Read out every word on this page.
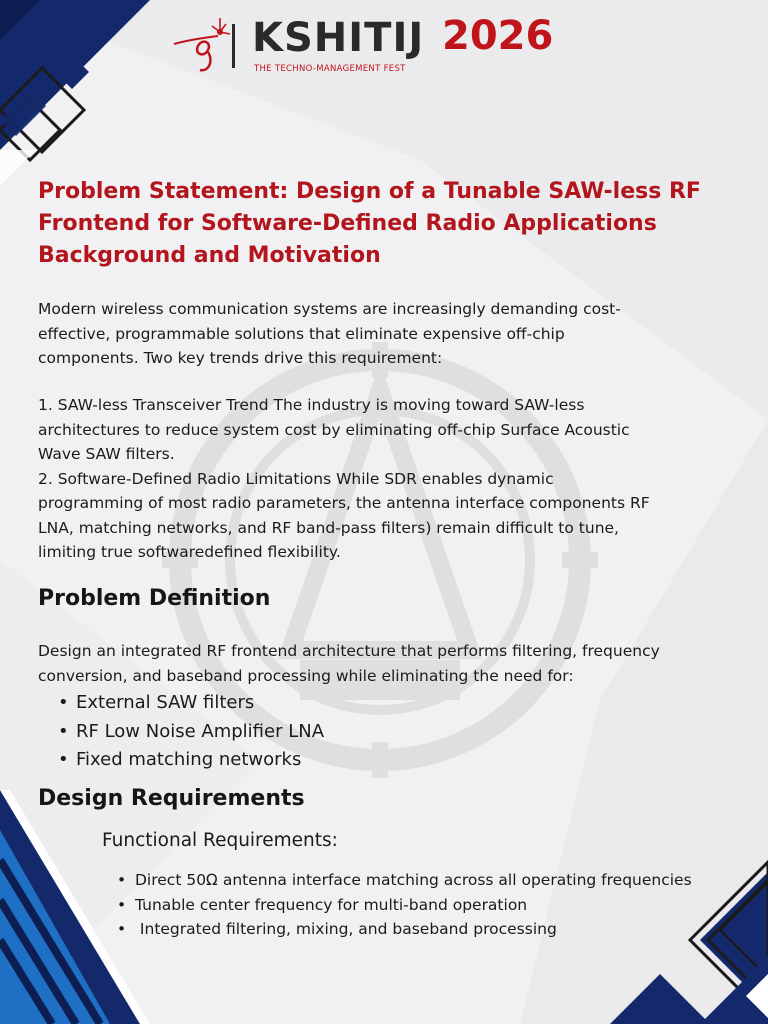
KSHITIJ 2026
THE TECHNO-MANAGEMENT FEST
Problem Statement: Design of a Tunable SAW-less RF
Frontend for Software-Defined Radio Applications
Background and Motivation
Modern wireless communication systems are increasingly demanding cost-
effective, programmable solutions that eliminate expensive off-chip
components. Two key trends drive this requirement:
1. SAW-less Transceiver Trend The industry is moving toward SAW-less
architectures to reduce system cost by eliminating off-chip Surface Acoustic
Wave SAW filters.
2. Software-Defined Radio Limitations While SDR enables dynamic
programming of most radio parameters, the antenna interface components RF
LNA, matching networks, and RF band-pass filters) remain difficult to tune,
limiting true softwaredefined flexibility.
Problem Definition
Design an integrated RF frontend architecture that performs filtering, frequency
conversion, and baseband processing while eliminating the need for:
• External SAW filters
• RF Low Noise Amplifier LNA
• Fixed matching networks
Design Requirements
Functional Requirements:
• Direct 50Ω antenna interface matching across all operating frequencies
• Tunable center frequency for multi-band operation
•  Integrated filtering, mixing, and baseband processing
